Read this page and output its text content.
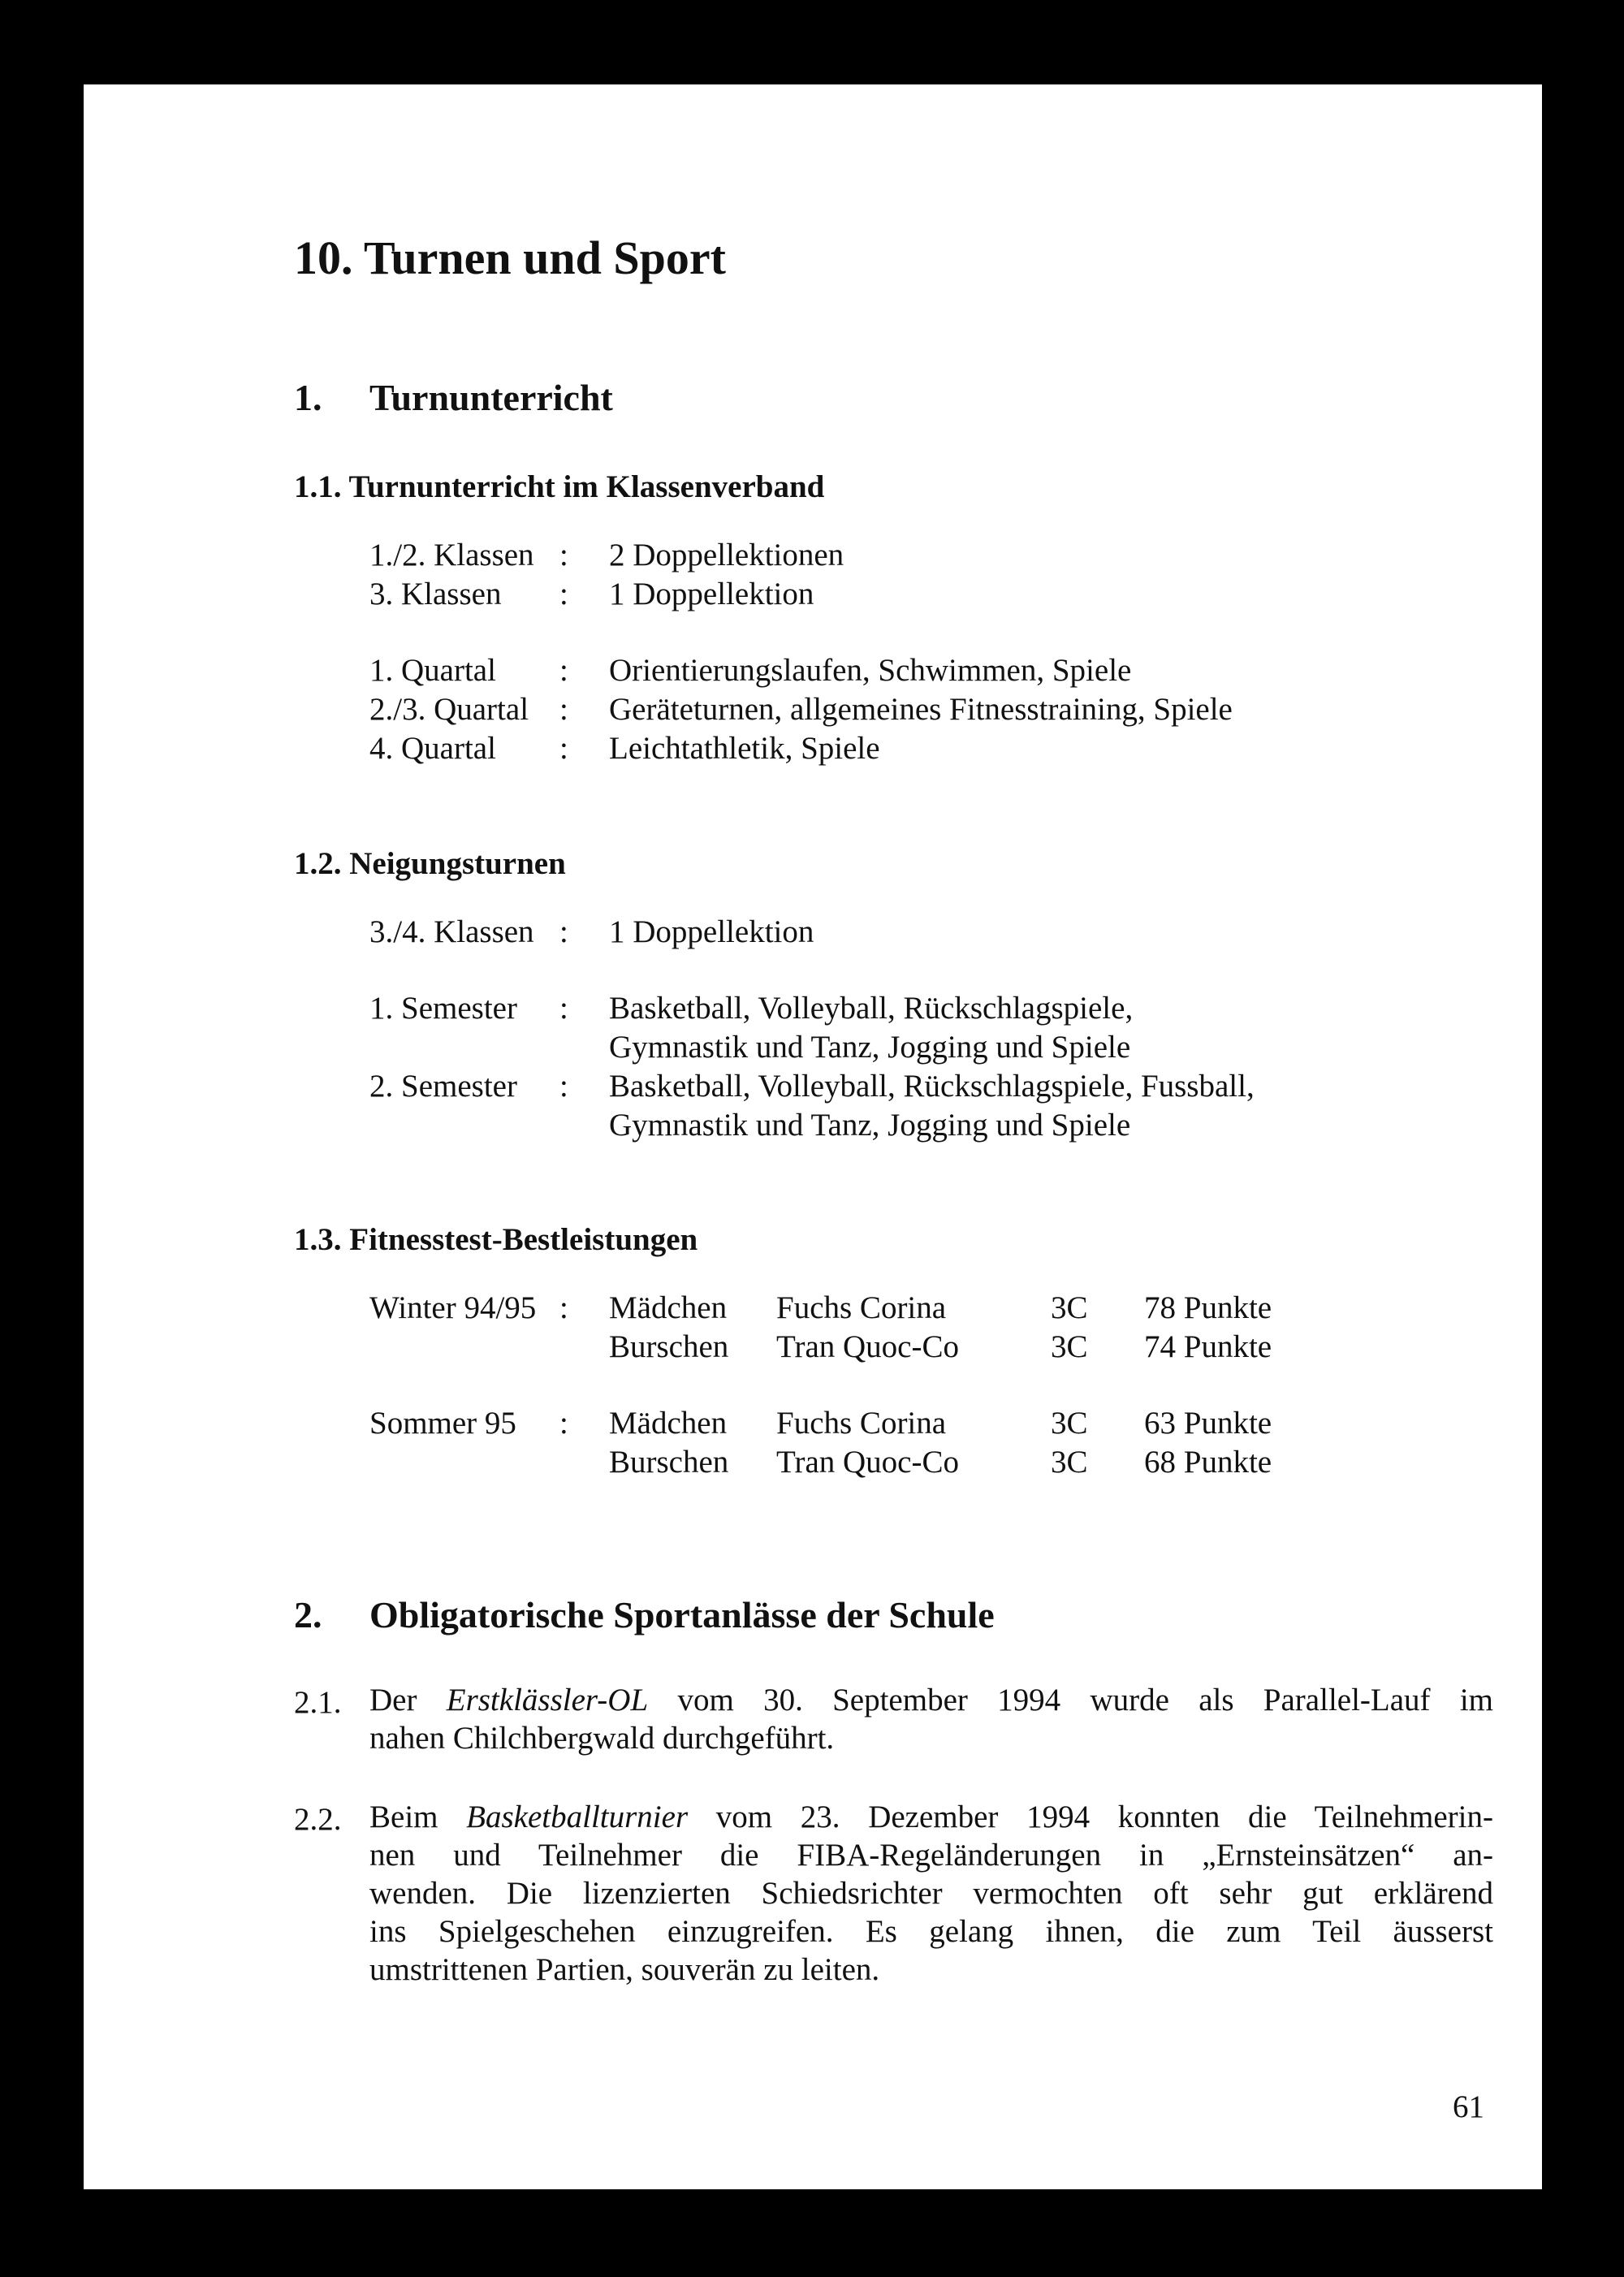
10. Turnen und Sport
1. Turnunterricht
1.1. Turnunterricht im Klassenverband
1./2. Klassen : 2 Doppellektionen
3. Klassen : 1 Doppellektion
1. Quartal : Orientierungslaufen, Schwimmen, Spiele
2./3. Quartal : Geräteturnen, allgemeines Fitnesstraining, Spiele
4. Quartal : Leichtathletik, Spiele
1.2. Neigungsturnen
3./4. Klassen : 1 Doppellektion
1. Semester : Basketball, Volleyball, Rückschlagspiele,
Gymnastik und Tanz, Jogging und Spiele
2. Semester : Basketball, Volleyball, Rückschlagspiele, Fussball,
Gymnastik und Tanz, Jogging und Spiele
1.3. Fitnesstest-Bestleistungen
Winter 94/95 : Mädchen Fuchs Corina	3C 78 Punkte
Burschen Tran Quoc-Co	3C 74 Punkte
Sommer 95 : Mädchen Fuchs Corina	3C 63 Punkte
Burschen Tran Quoc-Co	3C 68 Punkte
2. Obligatorische Sportanlässe der Schule
2.1. Der Erstklässler-OL vom 30. September 1994 wurde als Parallel-Lauf im
nahen Chilchbergwald durchgeführt.
2.2. Beim Basketballturnier vom 23. Dezember 1994 konnten die Teilnehmerin-
nen und Teilnehmer die FIBA-Regeländerungen in „Ernsteinsätzen“ an-
wenden. Die lizenzierten Schiedsrichter vermochten oft sehr gut erklärend
ins Spielgeschehen einzugreifen. Es gelang ihnen, die zum Teil äusserst
umstrittenen Partien, souverän zu leiten.
61
